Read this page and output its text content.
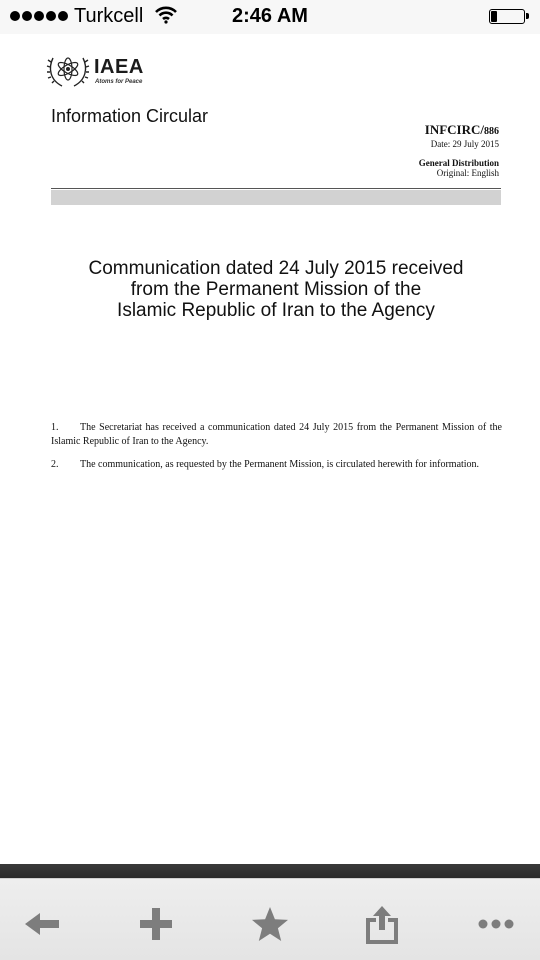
Turkcell	2:46 AM
IAEA
Atoms for Peace
Information Circular
INFCIRC/886
Date: 29 July 2015
General Distribution
Original: English
Communication dated 24 July 2015 received
from the Permanent Mission of the
Islamic Republic of Iran to the Agency
1. The Secretariat has received a communication dated 24 July 2015 from the Permanent Mission of the Islamic Republic of Iran to the Agency.
2. The communication, as requested by the Permanent Mission, is circulated herewith for information.
